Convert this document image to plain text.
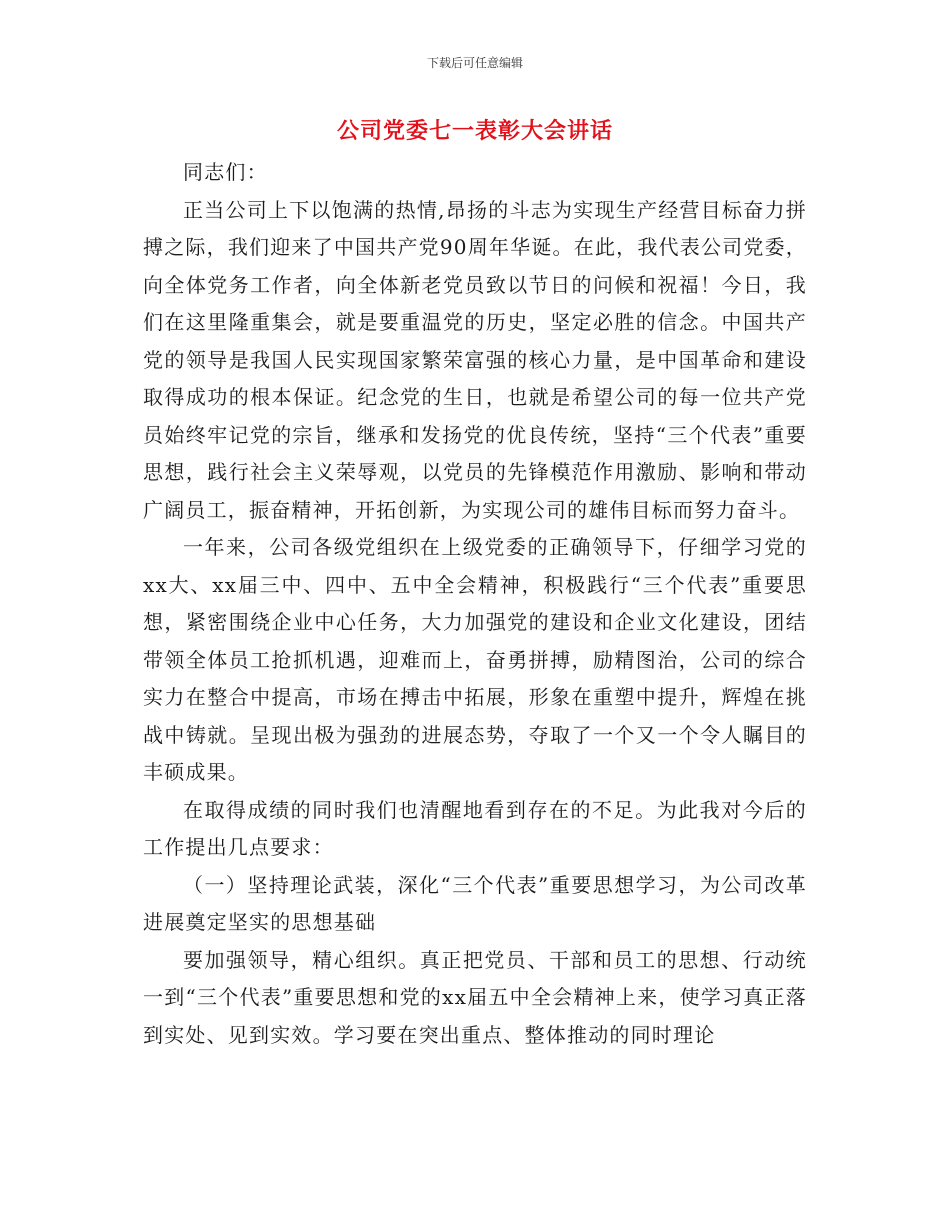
下载后可任意编辑
公司党委七一表彰大会讲话

同志们：

正当公司上下以饱满的热情,昂扬的斗志为实现生产经营目标奋力拼搏之际，我们迎来了中国共产党90周年华诞。在此，我代表公司党委，向全体党务工作者，向全体新老党员致以节日的问候和祝福！今日，我们在这里隆重集会，就是要重温党的历史，坚定必胜的信念。中国共产党的领导是我国人民实现国家繁荣富强的核心力量，是中国革命和建设取得成功的根本保证。纪念党的生日，也就是希望公司的每一位共产党员始终牢记党的宗旨，继承和发扬党的优良传统，坚持“三个代表”重要思想，践行社会主义荣辱观，以党员的先锋模范作用激励、影响和带动广阔员工，振奋精神，开拓创新，为实现公司的雄伟目标而努力奋斗。

一年来，公司各级党组织在上级党委的正确领导下，仔细学习党的xx大、xx届三中、四中、五中全会精神，积极践行“三个代表”重要思想，紧密围绕企业中心任务，大力加强党的建设和企业文化建设，团结带领全体员工抢抓机遇，迎难而上，奋勇拼搏，励精图治，公司的综合实力在整合中提高，市场在搏击中拓展，形象在重塑中提升，辉煌在挑战中铸就。呈现出极为强劲的进展态势，夺取了一个又一个令人瞩目的丰硕成果。

在取得成绩的同时我们也清醒地看到存在的不足。为此我对今后的工作提出几点要求：

（一）坚持理论武装，深化“三个代表”重要思想学习，为公司改革进展奠定坚实的思想基础

要加强领导，精心组织。真正把党员、干部和员工的思想、行动统一到“三个代表”重要思想和党的xx届五中全会精神上来，使学习真正落到实处、见到实效。学习要在突出重点、整体推动的同时理论
